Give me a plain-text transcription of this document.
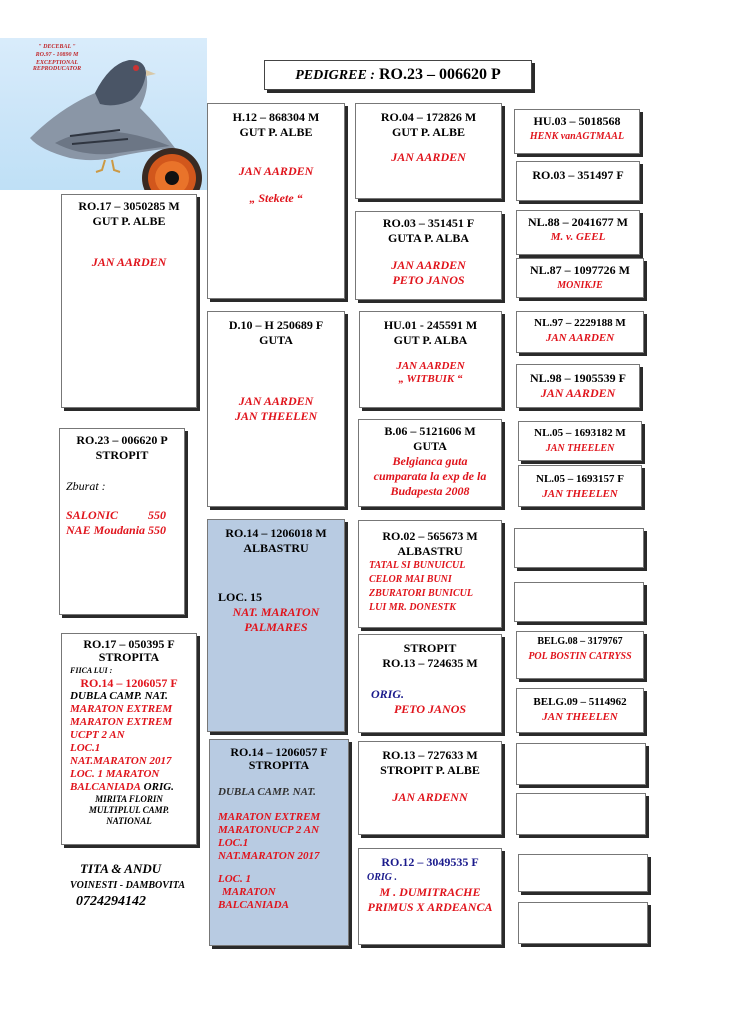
" DECEBAL "
RO.97 - 10890 M
EXCEPTIONAL REPRODUCATOR	PEDIGREE : RO.23 – 006620 P
RO.17 – 3050285 M
GUT P. ALBE
JAN AARDEN
RO.23 – 006620 P
STROPIT
Zburat :
SALONIC          550
NAE Moudania 550
RO.17 – 050395 F
STROPITA
FIICA LUI :
RO.14 – 1206057 F
DUBLA CAMP. NAT.
MARATON EXTREM
MARATON EXTREM
UCPT 2 AN
LOC.1
NAT.MARATON 2017
LOC. 1 MARATON
BALCANIADA ORIG.
MIRITA FLORIN
MULTIPLUL CAMP.
NATIONAL
TITA & ANDU
VOINESTI - DAMBOVITA
0724294142
H.12 – 868304 M
GUT P. ALBE
JAN AARDEN
„ Stekete “
D.10 – H 250689 F
GUTA
JAN AARDEN
JAN THEELEN
RO.14 – 1206018 M
ALBASTRU
LOC. 15
NAT. MARATON
PALMARES
RO.14 – 1206057 F
STROPITA
DUBLA CAMP. NAT.
MARATON EXTREM
MARATONUCP 2 AN
LOC.1
NAT.MARATON 2017
LOC. 1
MARATON
BALCANIADA
RO.04 – 172826 M
GUT P. ALBE
JAN AARDEN
RO.03 – 351451 F
GUTA P. ALBA
JAN AARDEN
PETO JANOS
HU.01 - 245591 M
GUT P. ALBA
JAN AARDEN
„ WITBUIK “
B.06 – 5121606 M
GUTA
Belgianca guta
cumparata la exp de la
Budapesta 2008
RO.02 – 565673 M
ALBASTRU
TATAL SI BUNUICUL
CELOR MAI BUNI
ZBURATORI BUNICUL
LUI MR. DONESTK
STROPIT
RO.13 – 724635 M
ORIG.
PETO JANOS
RO.13 – 727633 M
STROPIT P. ALBE
JAN ARDENN
RO.12 – 3049535 F
ORIG .
M . DUMITRACHE
PRIMUS X ARDEANCA
HU.03 – 5018568
HENK vanAGTMAAL
RO.03 – 351497 F
NL.88 – 2041677 M
M. v. GEEL
NL.87 – 1097726 M
MONIKJE
NL.97 – 2229188 M
JAN AARDEN
NL.98 – 1905539 F
JAN AARDEN
NL.05 – 1693182 M
JAN THEELEN
NL.05 – 1693157 F
JAN THEELEN
BELG.08 – 3179767
POL BOSTIN CATRYSS
BELG.09 – 5114962
JAN THEELEN
